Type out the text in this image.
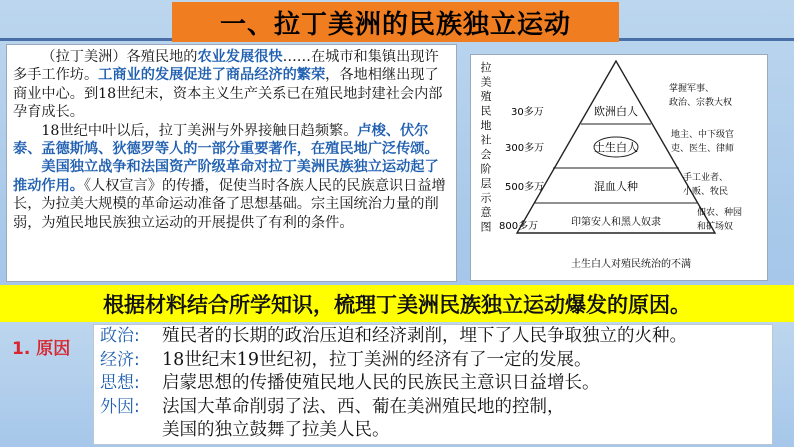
一、拉丁美洲的民族独立运动

（拉丁美洲）各殖民地的农业发展很快……在城市和集镇出现许多手工作坊。工商业的发展促进了商品经济的繁荣，各地相继出现了商业中心。到18世纪末，资本主义生产关系已在殖民地封建社会内部孕育成长。

18世纪中叶以后，拉丁美洲与外界接触日趋频繁。卢梭、伏尔泰、孟德斯鸠、狄德罗等人的一部分重要著作，在殖民地广泛传颂。

美国独立战争和法国资产阶级革命对拉丁美洲民族独立运动起了推动作用。《人权宣言》的传播，促使当时各族人民的民族意识日益增长，为拉美大规模的革命运动准备了思想基础。宗主国统治力量的削弱，为殖民地民族独立运动的开展提供了有利的条件。

拉
美
殖
民
地
社
会
阶
层
示
意
图
30多万	欧洲白人
掌握军事、
政治、宗教大权
300多万	土生白人
地主、中下级官
吏、医生、律师
500多万	混血人种
手工业者、
小贩、牧民
800多万	印第安人和黑人奴隶
佃农、种园
和矿场奴
土生白人对殖民统治的不满
根据材料结合所学知识，梳理丁美洲民族独立运动爆发的原因。
1. 原因
政治:	殖民者的长期的政治压迫和经济剥削，埋下了人民争取独立的火种。
经济:	18世纪末19世纪初，拉丁美洲的经济有了一定的发展。
思想:	启蒙思想的传播使殖民地人民的民族民主意识日益增长。
外因:	法国大革命削弱了法、西、葡在美洲殖民地的控制，
美国的独立鼓舞了拉美人民。
